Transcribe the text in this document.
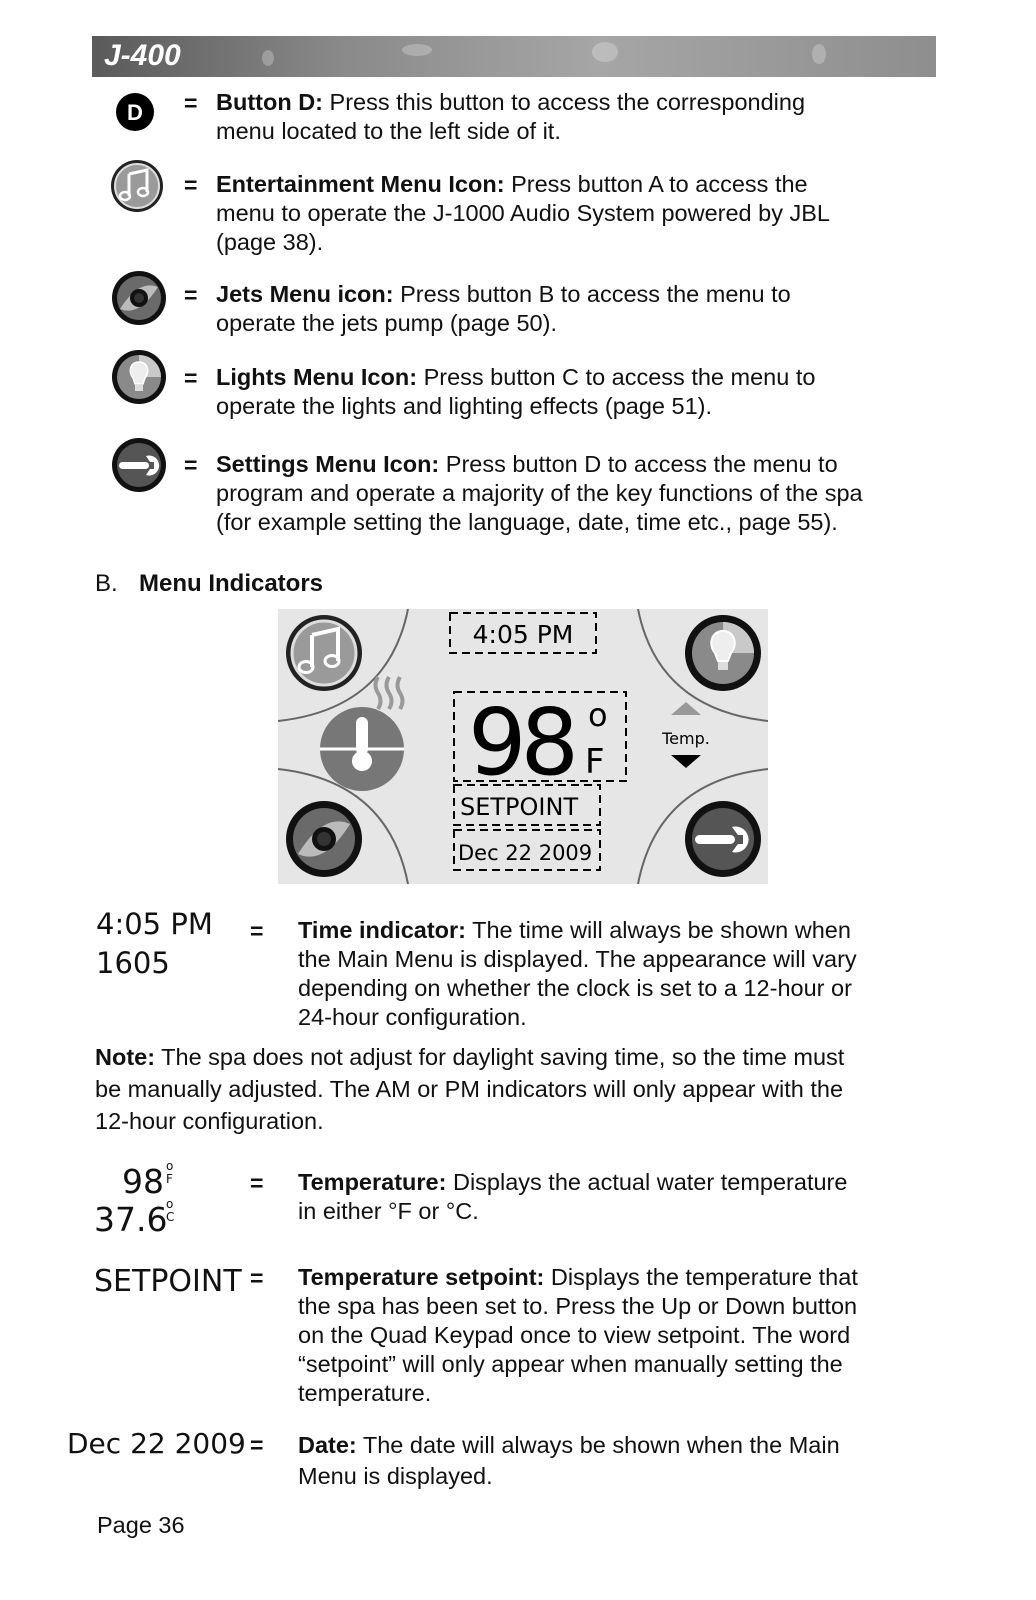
J-400
D = Button D: Press this button to access the corresponding
menu located to the left side of it.
= Entertainment Menu Icon: Press button A to access the
menu to operate the J-1000 Audio System powered by JBL
(page 38).
= Jets Menu icon: Press button B to access the menu to
operate the jets pump (page 50).
= Lights Menu Icon: Press button C to access the menu to
operate the lights and lighting effects (page 51).
= Settings Menu Icon: Press button D to access the menu to
program and operate a majority of the key functions of the spa
(for example setting the language, date, time etc., page 55).
B. Menu Indicators
4:05 PM
98 o
F
SETPOINT
Dec 22 2009
Temp.
4:05 PM
1605
= Time indicator: The time will always be shown when
the Main Menu is displayed. The appearance will vary
depending on whether the clock is set to a 12-hour or
24-hour configuration.
Note: The spa does not adjust for daylight saving time, so the time must
be manually adjusted. The AM or PM indicators will only appear with the
12-hour configuration.
98 o
F
37.6
o
C
= Temperature: Displays the actual water temperature
in either °F or °C.
SETPOINT = Temperature setpoint: Displays the temperature that
the spa has been set to. Press the Up or Down button
on the Quad Keypad once to view setpoint. The word
“setpoint” will only appear when manually setting the
temperature.
Dec 22 2009 = Date: The date will always be shown when the Main
Menu is displayed.
Page 36
